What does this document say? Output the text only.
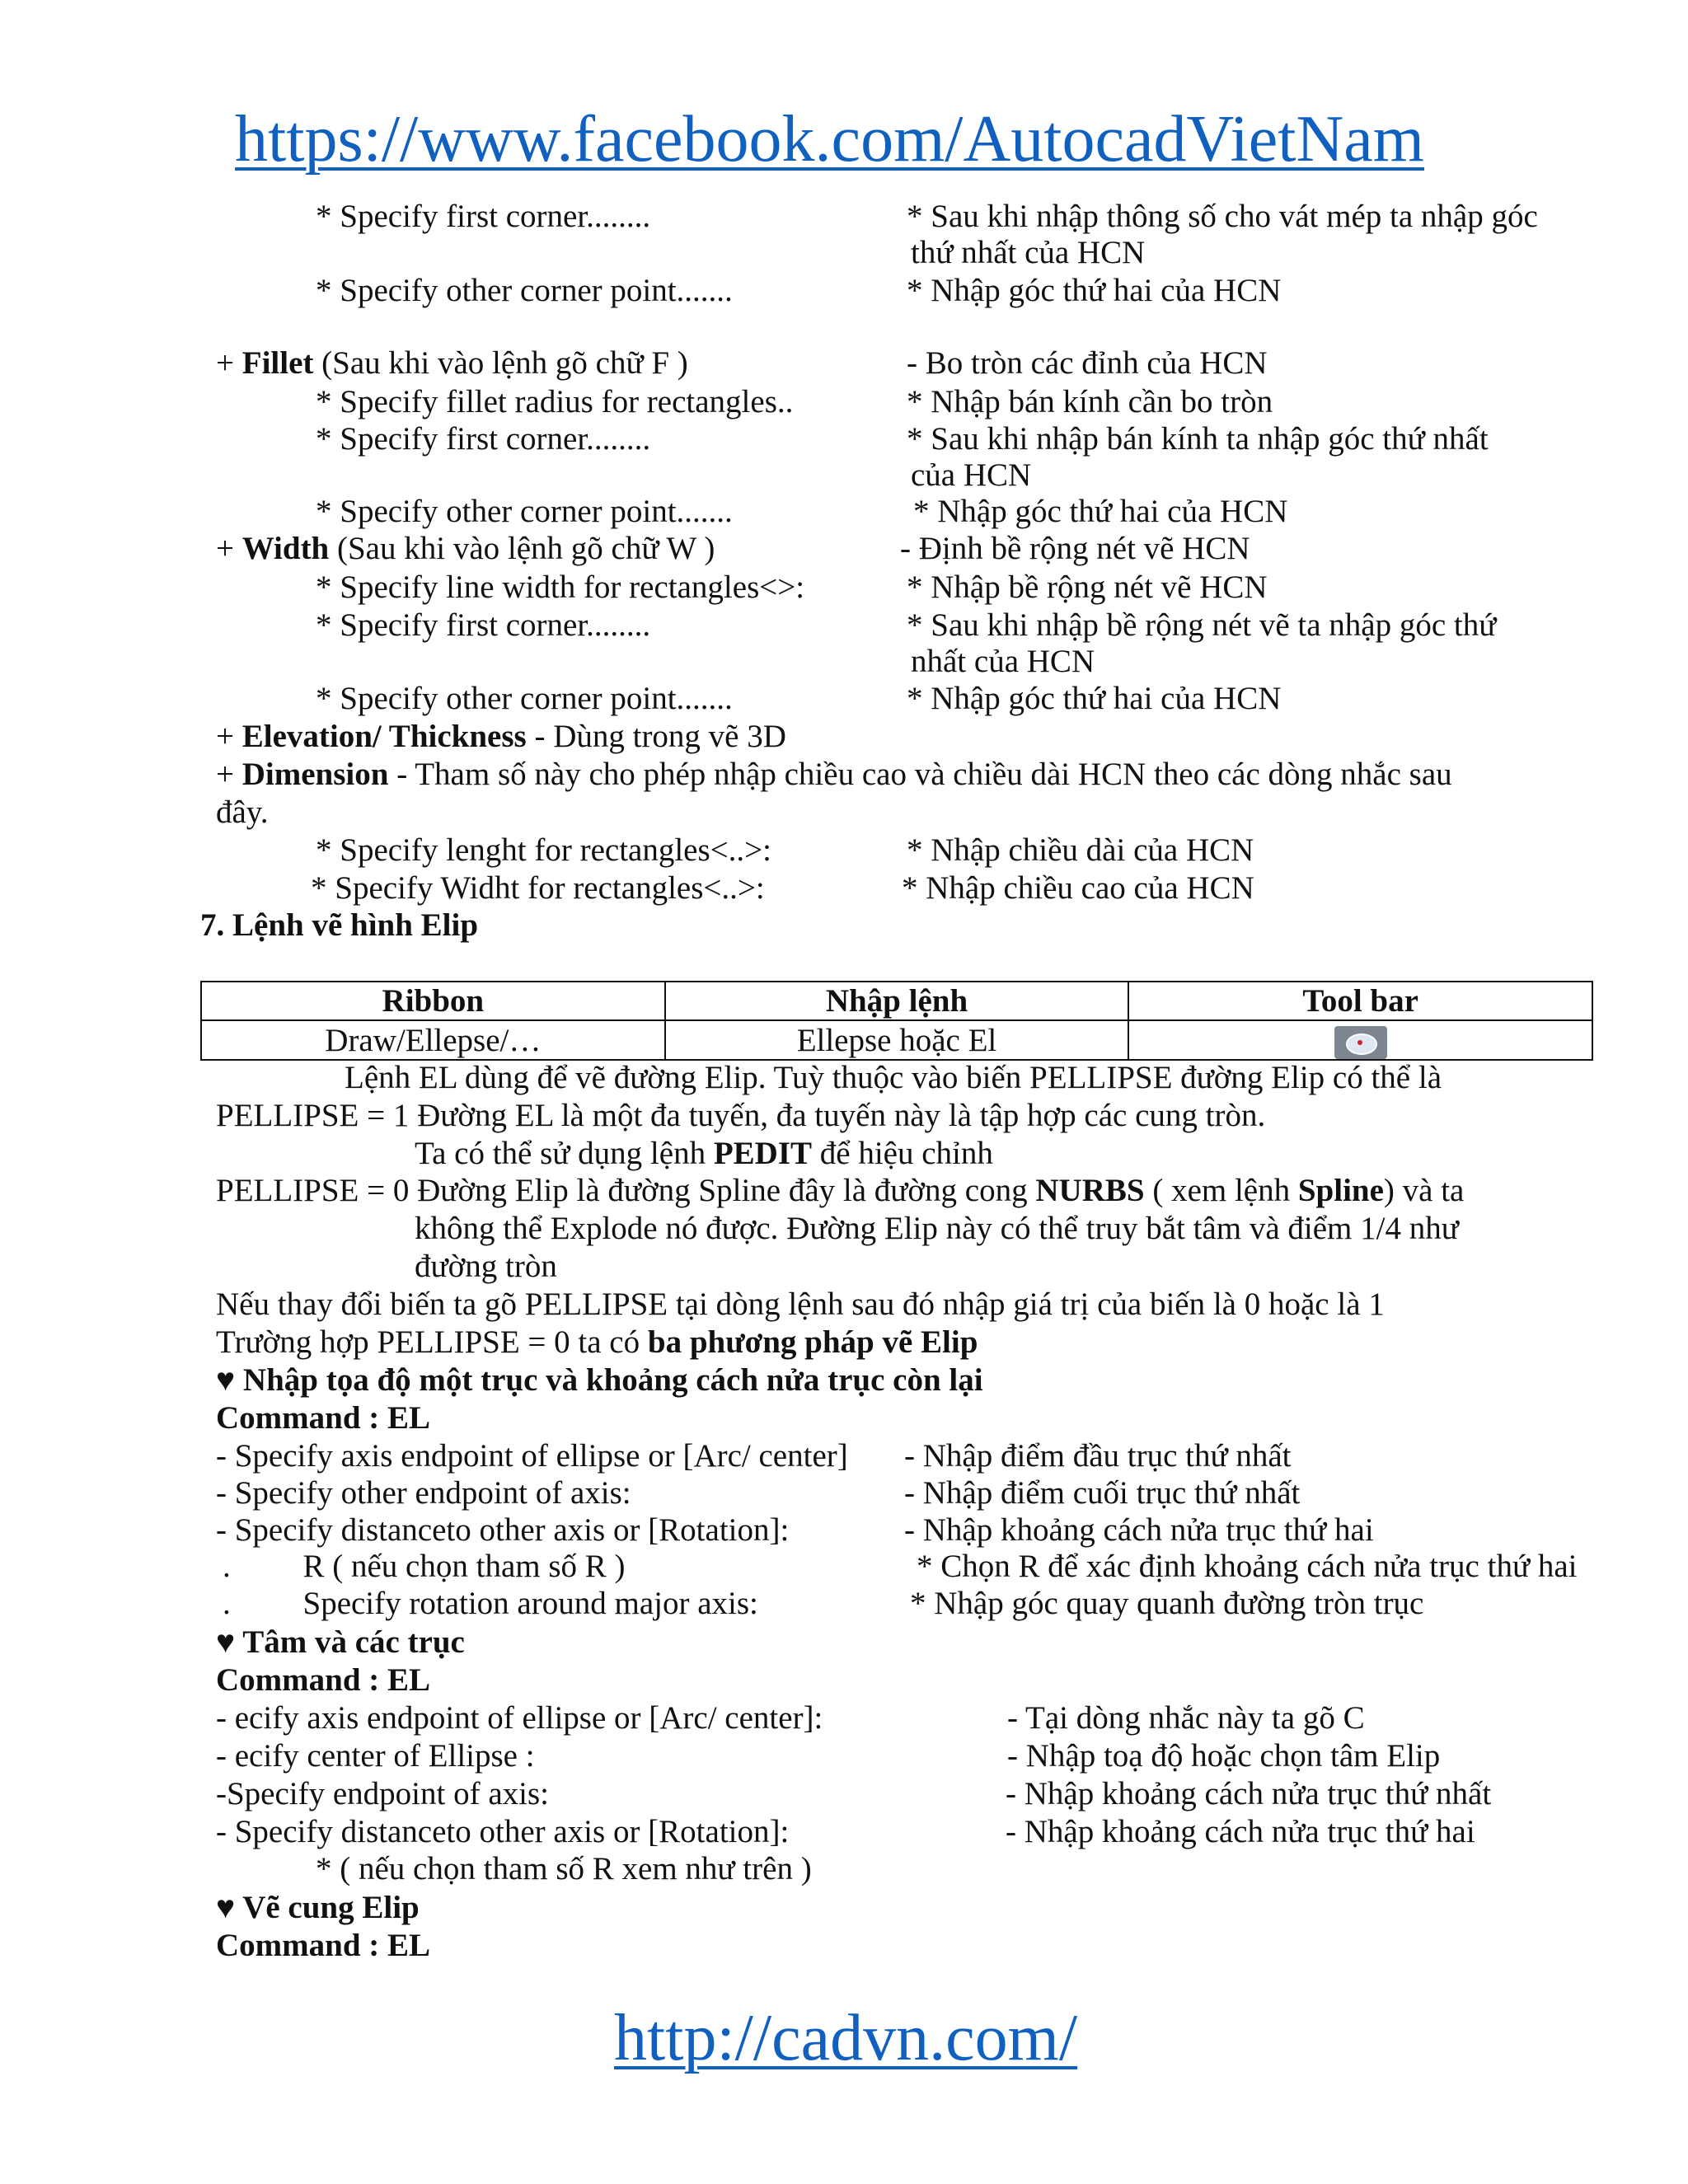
https://www.facebook.com/AutocadVietNam
* Specify first corner........	* Sau khi nhập thông số cho vát mép ta nhập góc
thứ nhất của HCN
* Specify other corner point.......	* Nhập góc thứ hai của HCN
+ Fillet (Sau khi vào lệnh gõ chữ F )	- Bo tròn các đỉnh của HCN
* Specify fillet radius for rectangles..	* Nhập bán kính cần bo tròn
* Specify first corner........	* Sau khi nhập bán kính ta nhập góc thứ nhất
của HCN
* Specify other corner point.......	* Nhập góc thứ hai của HCN
+ Width (Sau khi vào lệnh gõ chữ W )	- Định bề rộng nét vẽ HCN
* Specify line width for rectangles<>:	* Nhập bề rộng nét vẽ HCN
* Specify first corner........	* Sau khi nhập bề rộng nét vẽ ta nhập góc thứ
nhất của HCN
* Specify other corner point.......	* Nhập góc thứ hai của HCN
+ Elevation/ Thickness - Dùng trong vẽ 3D
+ Dimension - Tham số này cho phép nhập chiều cao và chiều dài HCN theo các dòng nhắc sau
đây.
* Specify lenght for rectangles<..>:	* Nhập chiều dài của HCN
* Specify Widht for rectangles<..>:	* Nhập chiều cao của HCN
7. Lệnh vẽ hình Elip
Ribbon	Nhập lệnh	Tool bar
Draw/Ellepse/…	Ellepse hoặc El	
Lệnh EL dùng để vẽ đường Elip. Tuỳ thuộc vào biến PELLIPSE đường Elip có thể là
PELLIPSE = 1 Đường EL là một đa tuyến, đa tuyến này là tập hợp các cung tròn.
Ta có thể sử dụng lệnh PEDIT để hiệu chỉnh
PELLIPSE = 0 Đường Elip là đường Spline đây là đường cong NURBS ( xem lệnh Spline) và ta
không thể Explode nó được. Đường Elip này có thể truy bắt tâm và điểm 1/4 như
đường tròn
Nếu thay đổi biến ta gõ PELLIPSE tại dòng lệnh sau đó nhập giá trị của biến là 0 hoặc là 1
Trường hợp PELLIPSE = 0 ta có ba phương pháp vẽ Elip
♥ Nhập tọa độ một trục và khoảng cách nửa trục còn lại
Command : EL
- Specify axis endpoint of ellipse or [Arc/ center] - Nhập điểm đầu trục thứ nhất
- Specify other endpoint of axis:	- Nhập điểm cuối trục thứ nhất
- Specify distanceto other axis or [Rotation]:	- Nhập khoảng cách nửa trục thứ hai
.         R ( nếu chọn tham số R )	* Chọn R để xác định khoảng cách nửa trục thứ hai
.         Specify rotation around major axis:	* Nhập góc quay quanh đường tròn trục
♥ Tâm và các trục
Command : EL
- ecify axis endpoint of ellipse or [Arc/ center]:	- Tại dòng nhắc này ta gõ C
- ecify center of Ellipse :	- Nhập toạ độ hoặc chọn tâm Elip
-Specify endpoint of axis:	- Nhập khoảng cách nửa trục thứ nhất
- Specify distanceto other axis or [Rotation]:	- Nhập khoảng cách nửa trục thứ hai
* ( nếu chọn tham số R xem như trên )
♥ Vẽ cung Elip
Command : EL
http://cadvn.com/
